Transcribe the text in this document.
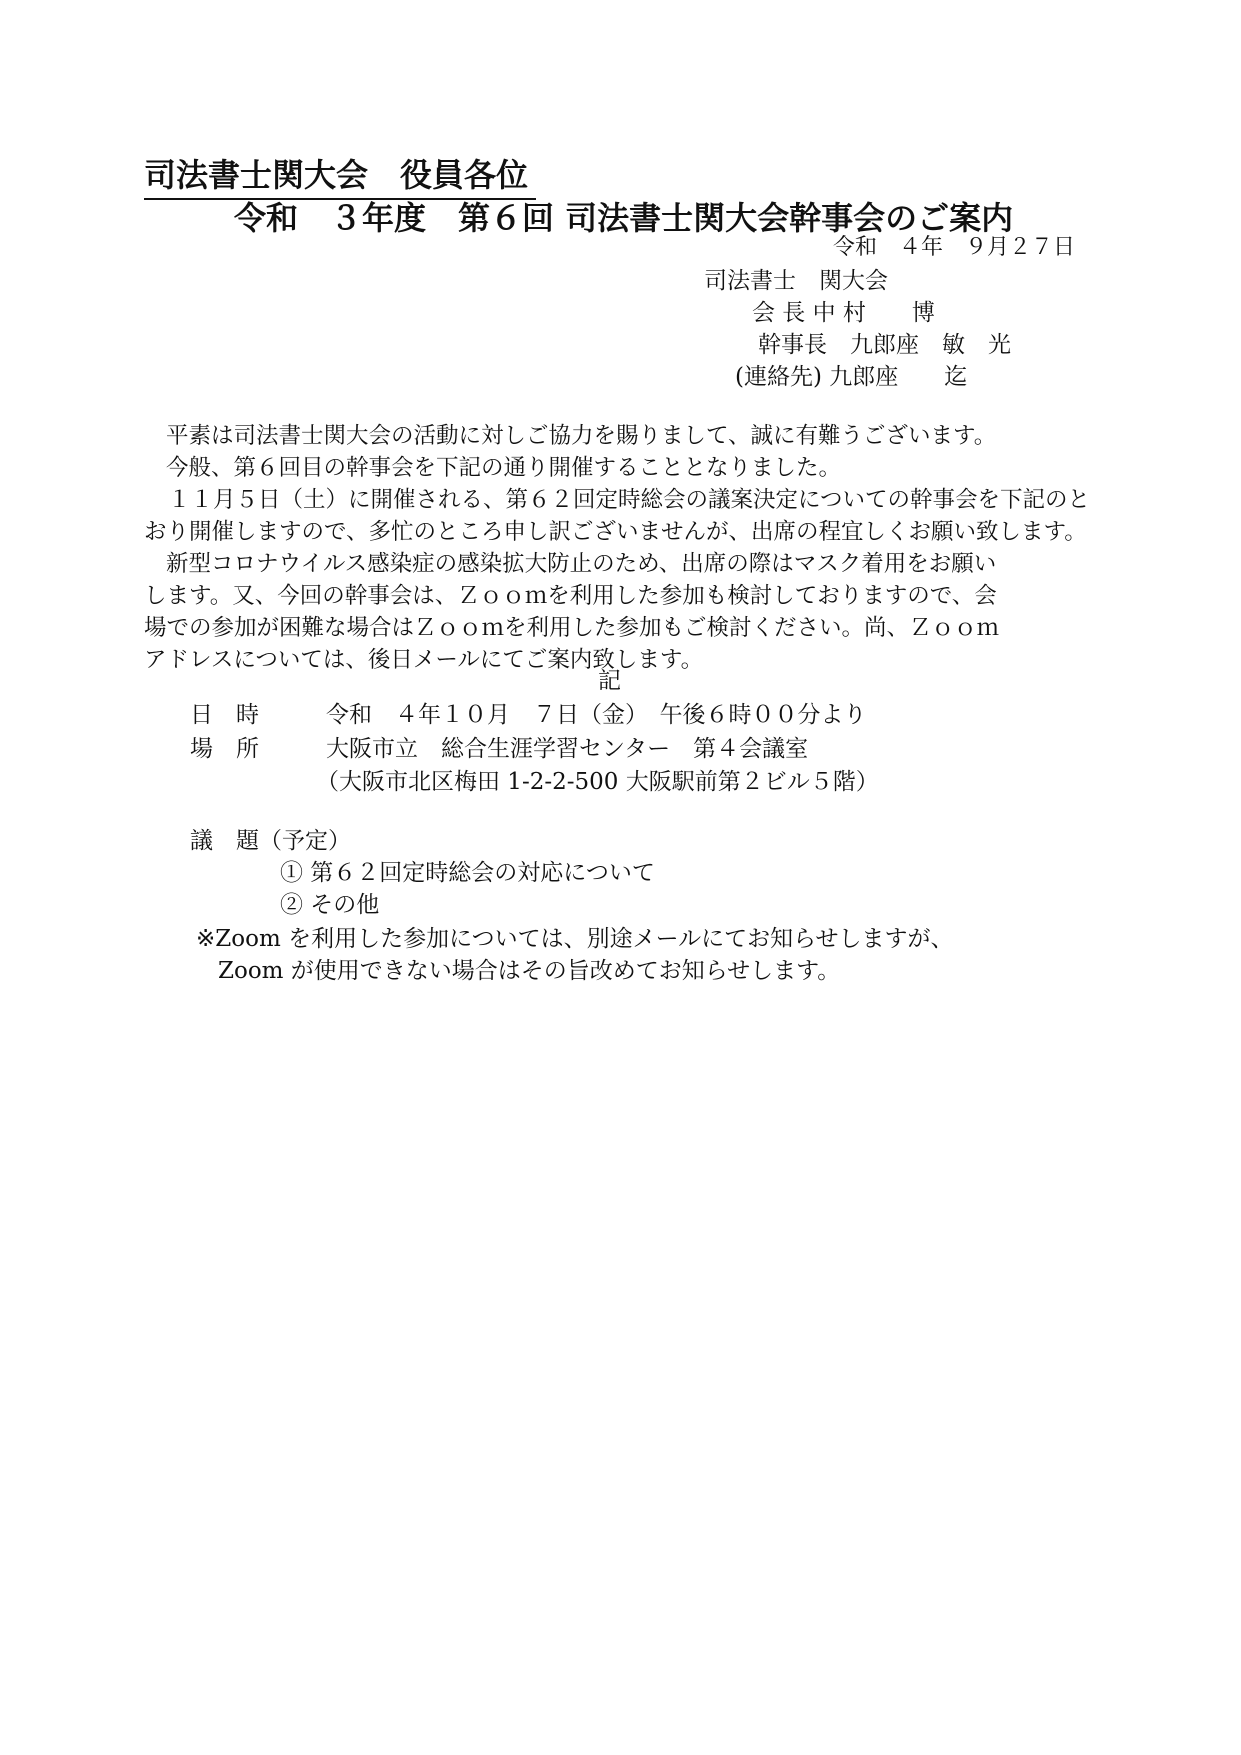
司法書士関大会　役員各位
令和　３年度　第６回 司法書士関大会幹事会のご案内
令和　４年　９月２７日
司法書士　関大会
会 長 中 村　　博
幹事長　九郎座　敏　光
(連絡先) 九郎座　　迄
平素は司法書士関大会の活動に対しご協力を賜りまして、誠に有難うございます。
今般、第６回目の幹事会を下記の通り開催することとなりました。
１１月５日（土）に開催される、第６２回定時総会の議案決定についての幹事会を下記のと
おり開催しますので、多忙のところ申し訳ございませんが、出席の程宜しくお願い致します。
新型コロナウイルス感染症の感染拡大防止のため、出席の際はマスク着用をお願い
します。又、今回の幹事会は、Ｚｏｏｍを利用した参加も検討しておりますので、会
場での参加が困難な場合はＺｏｏｍを利用した参加もご検討ください。尚、Ｚｏｏｍ
アドレスについては、後日メールにてご案内致します。
記
日　時	令和　４年１０月　７日（金）　午後６時００分より
場　所	大阪市立　総合生涯学習センター　第４会議室
（大阪市北区梅田 1-2-2-500 大阪駅前第２ビル５階）
議　題（予定）
① 第６２回定時総会の対応について
② その他
※Zoom を利用した参加については、別途メールにてお知らせしますが、
Zoom が使用できない場合はその旨改めてお知らせします。
